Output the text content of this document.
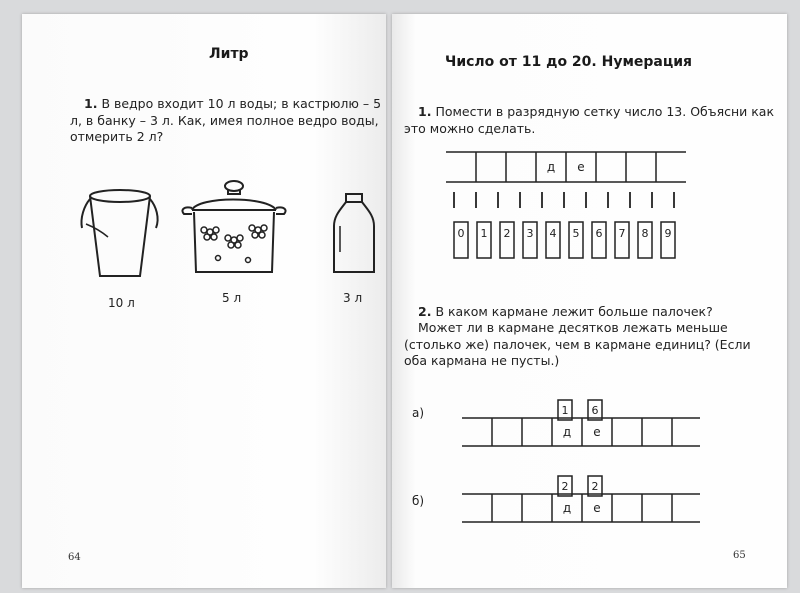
Литр

1. В ведро входит 10 л воды; в кастрюлю – 5 л, в банку – 3 л. Как, имея полное ведро воды, отмерить 2 л?

10 л	5 л	3 л
64
Число от 11 до 20. Нумерация

1. Помести в разрядную сетку число 13. Объясни как это можно сделать.

д е
0 1 2 3 4 5 6 7 8 9

2. В каком кармане лежит больше палочек?

Может ли в кармане десятков лежать меньше (столько же) палочек, чем в кармане единиц? (Если оба кармана не пусты.)

а)	1 6
д е
б)
2 2
д е
65
